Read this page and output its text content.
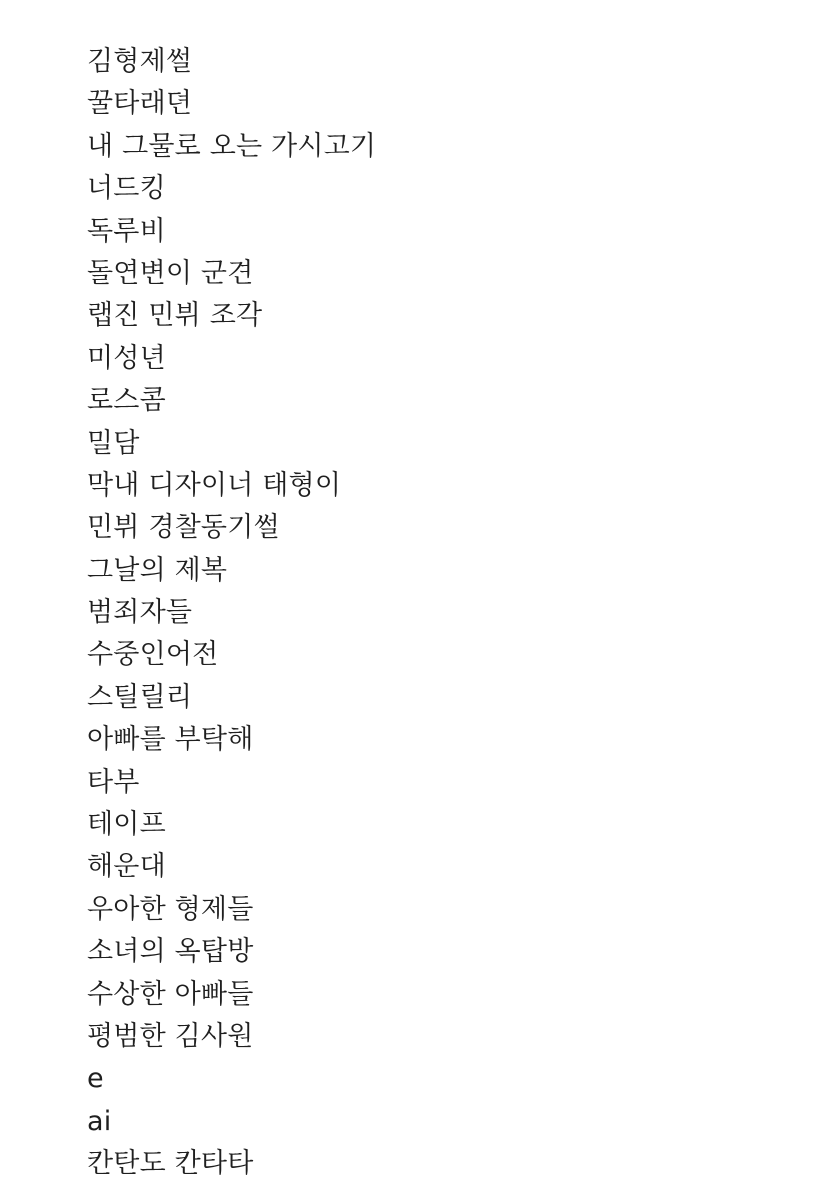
김형제썰
꿀타래뎐
내 그물로 오는 가시고기
너드킹
독루비
돌연변이 군견
랩진 민뷔 조각
미성년
로스콤
밀담
막내 디자이너 태형이
민뷔 경찰동기썰
그날의 제복
범죄자들
수중인어전
스틸릴리
아빠를 부탁해
타부
테이프
해운대
우아한 형제들
소녀의 옥탑방
수상한 아빠들
평범한 김사원
e
ai
칸탄도 칸타타
